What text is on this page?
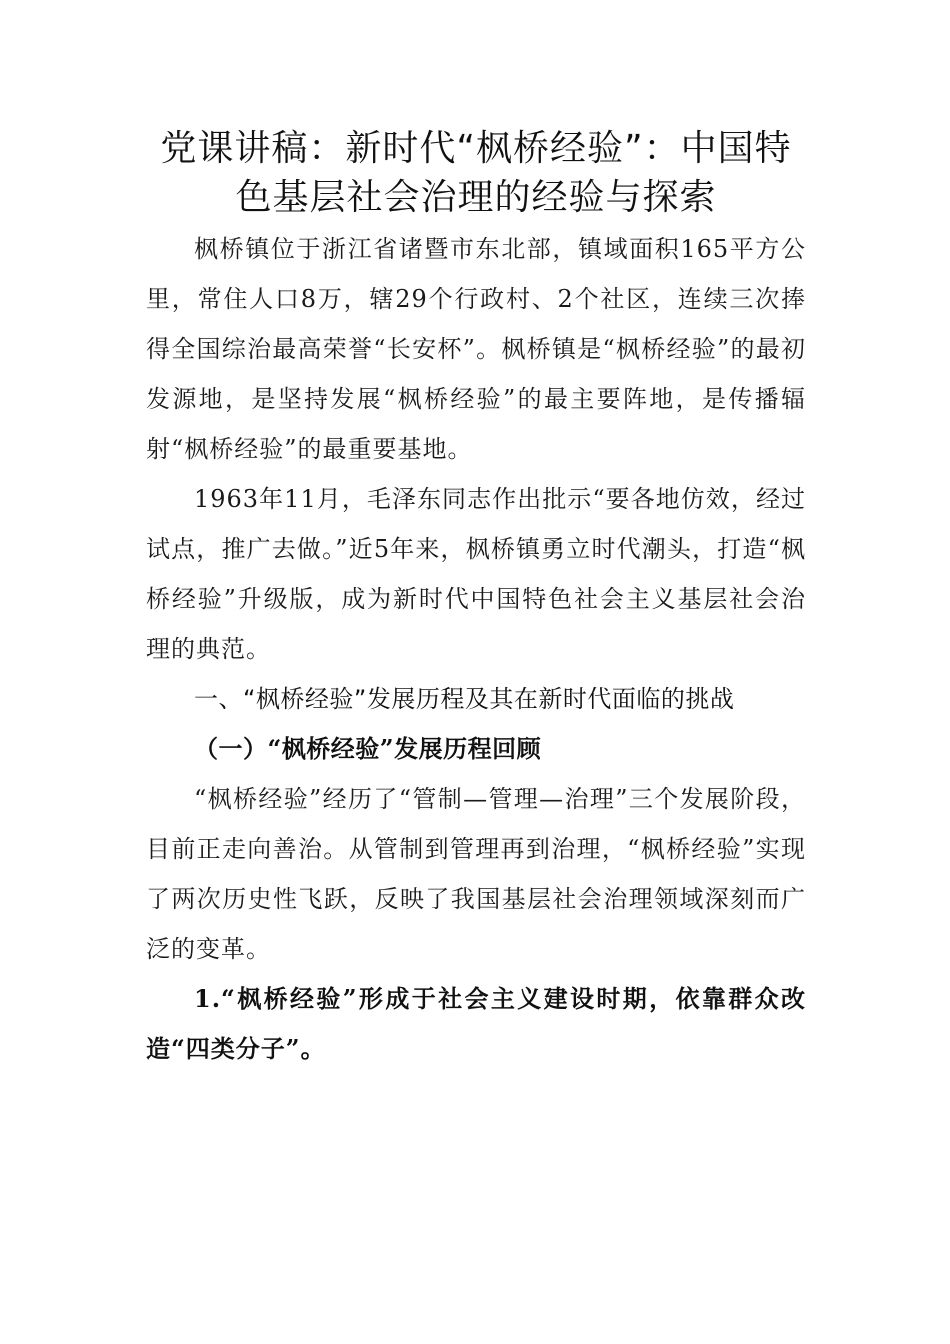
党课讲稿：新时代“枫桥经验”：中国特色基层社会治理的经验与探索

枫桥镇位于浙江省诸暨市东北部，镇域面积165平方公里，常住人口8万，辖29个行政村、2个社区，连续三次捧得全国综治最高荣誉“长安杯”。枫桥镇是“枫桥经验”的最初发源地，是坚持发展“枫桥经验”的最主要阵地，是传播辐射“枫桥经验”的最重要基地。

1963年11月，毛泽东同志作出批示“要各地仿效，经过试点，推广去做。”近5年来，枫桥镇勇立时代潮头，打造“枫桥经验”升级版，成为新时代中国特色社会主义基层社会治理的典范。

一、“枫桥经验”发展历程及其在新时代面临的挑战

（一）“枫桥经验”发展历程回顾

“枫桥经验”经历了“管制—管理—治理”三个发展阶段，目前正走向善治。从管制到管理再到治理，“枫桥经验”实现了两次历史性飞跃，反映了我国基层社会治理领域深刻而广泛的变革。

1.“枫桥经验”形成于社会主义建设时期，依靠群众改造“四类分子”。
